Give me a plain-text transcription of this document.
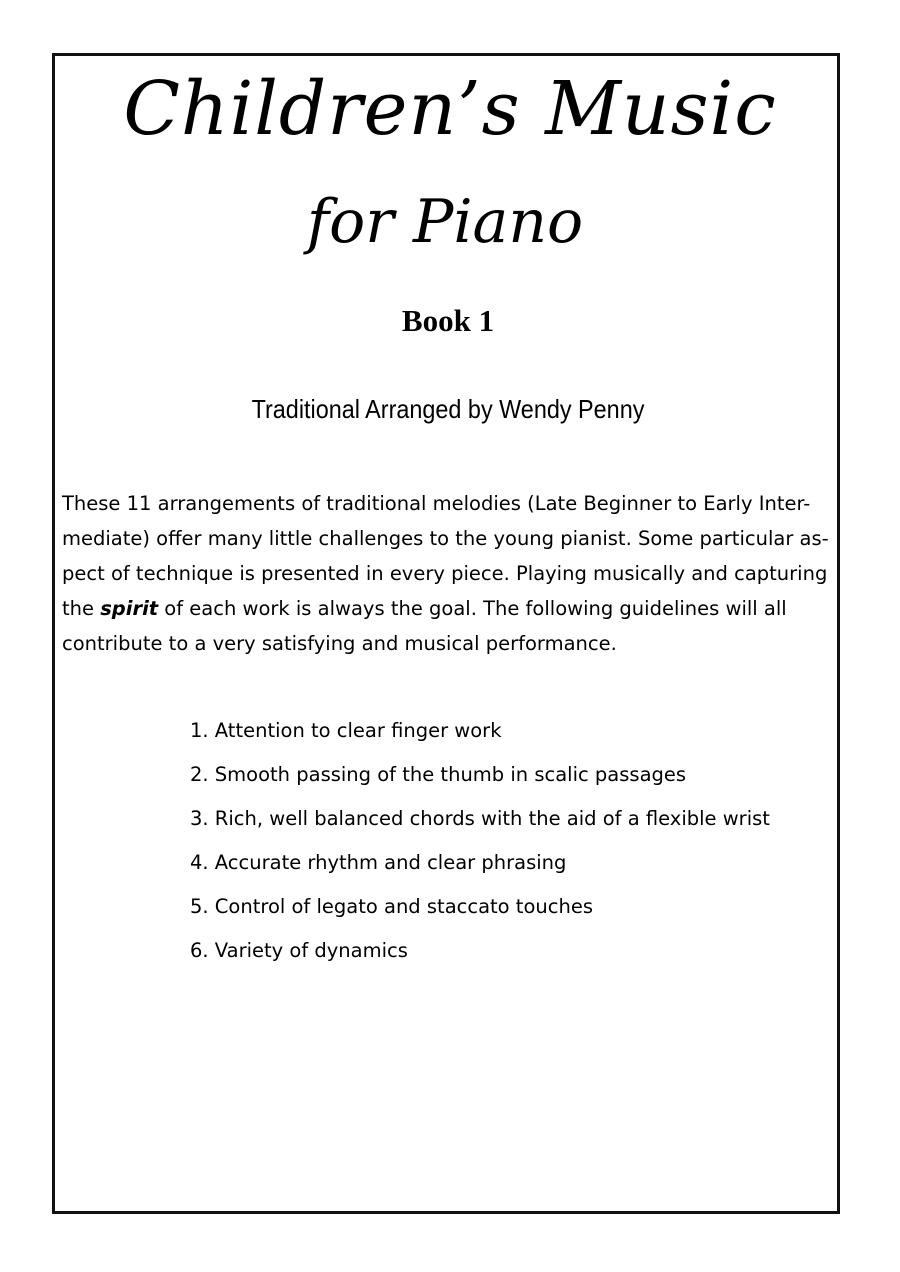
Children’s Music
for Piano
Book 1
Traditional Arranged by Wendy Penny

These 11 arrangements of traditional melodies (Late Beginner to Early Inter-
mediate) offer many little challenges to the young pianist. Some particular as-
pect of technique is presented in every piece. Playing musically and capturing
the spirit of each work is always the goal. The following guidelines will all
contribute to a very satisfying and musical performance.

1. Attention to clear finger work
2. Smooth passing of the thumb in scalic passages
3. Rich, well balanced chords with the aid of a flexible wrist
4. Accurate rhythm and clear phrasing
5. Control of legato and staccato touches
6. Variety of dynamics
